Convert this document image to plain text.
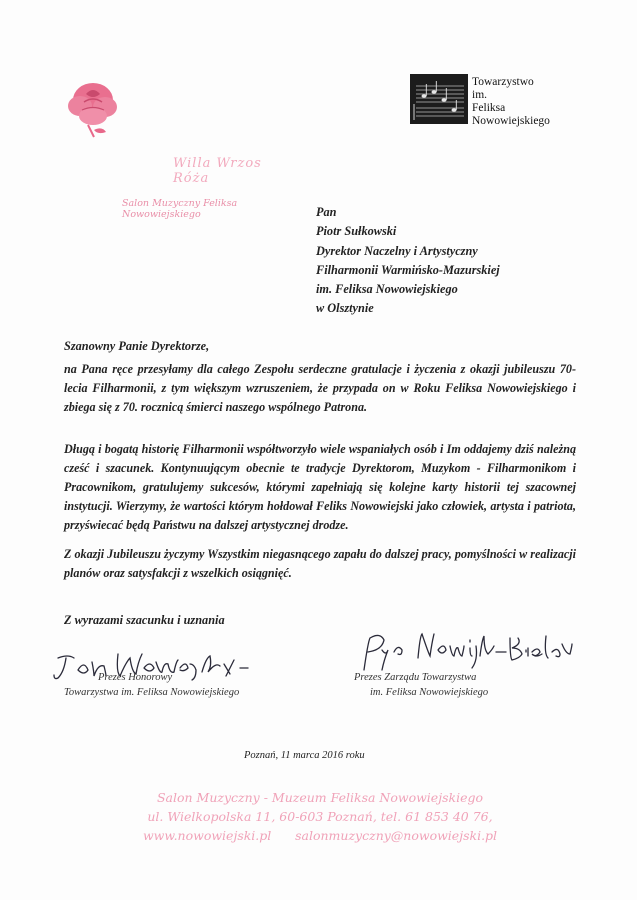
Willa Wrzos Róża
Salon Muzyczny Feliksa Nowowiejskiego
Towarzystwo
im.
Feliksa
Nowowiejskiego
Pan
Piotr Sułkowski
Dyrektor Naczelny i Artystyczny
Filharmonii Warmińsko-Mazurskiej
im. Feliksa Nowowiejskiego
w Olsztynie
Szanowny Panie Dyrektorze,
na Pana ręce przesyłamy dla całego Zespołu serdeczne gratulacje i życzenia z okazji jubileuszu 70-lecia Filharmonii, z tym większym wzruszeniem, że przypada on w Roku Feliksa Nowowiejskiego i zbiega się z 70. rocznicą śmierci naszego wspólnego Patrona.
Długą i bogatą historię Filharmonii współtworzyło wiele wspaniałych osób i Im oddajemy dziś należną cześć i szacunek. Kontynuującym obecnie te tradycje Dyrektorom, Muzykom - Filharmonikom i Pracownikom, gratulujemy sukcesów, którymi zapełniają się kolejne karty historii tej szacownej instytucji. Wierzymy, że wartości którym hołdował Feliks Nowowiejski jako człowiek, artysta i patriota, przyświecać będą Państwu na dalszej artystycznej drodze.
Z okazji Jubileuszu życzymy Wszystkim niegasnącego zapału do dalszej pracy, pomyślności w realizacji planów oraz satysfakcji z wszelkich osiągnięć.
Z wyrazami szacunku i uznania
Prezes Honorowy
Towarzystwa im. Feliksa Nowowiejskiego
Prezes Zarządu Towarzystwa
im. Feliksa Nowowiejskiego
Poznań, 11 marca 2016 roku
Salon Muzyczny - Muzeum Feliksa Nowowiejskiego
ul. Wielkopolska 11, 60-603 Poznań, tel. 61 853 40 76,
www.nowowiejski.pl      salonmuzyczny@nowowiejski.pl
